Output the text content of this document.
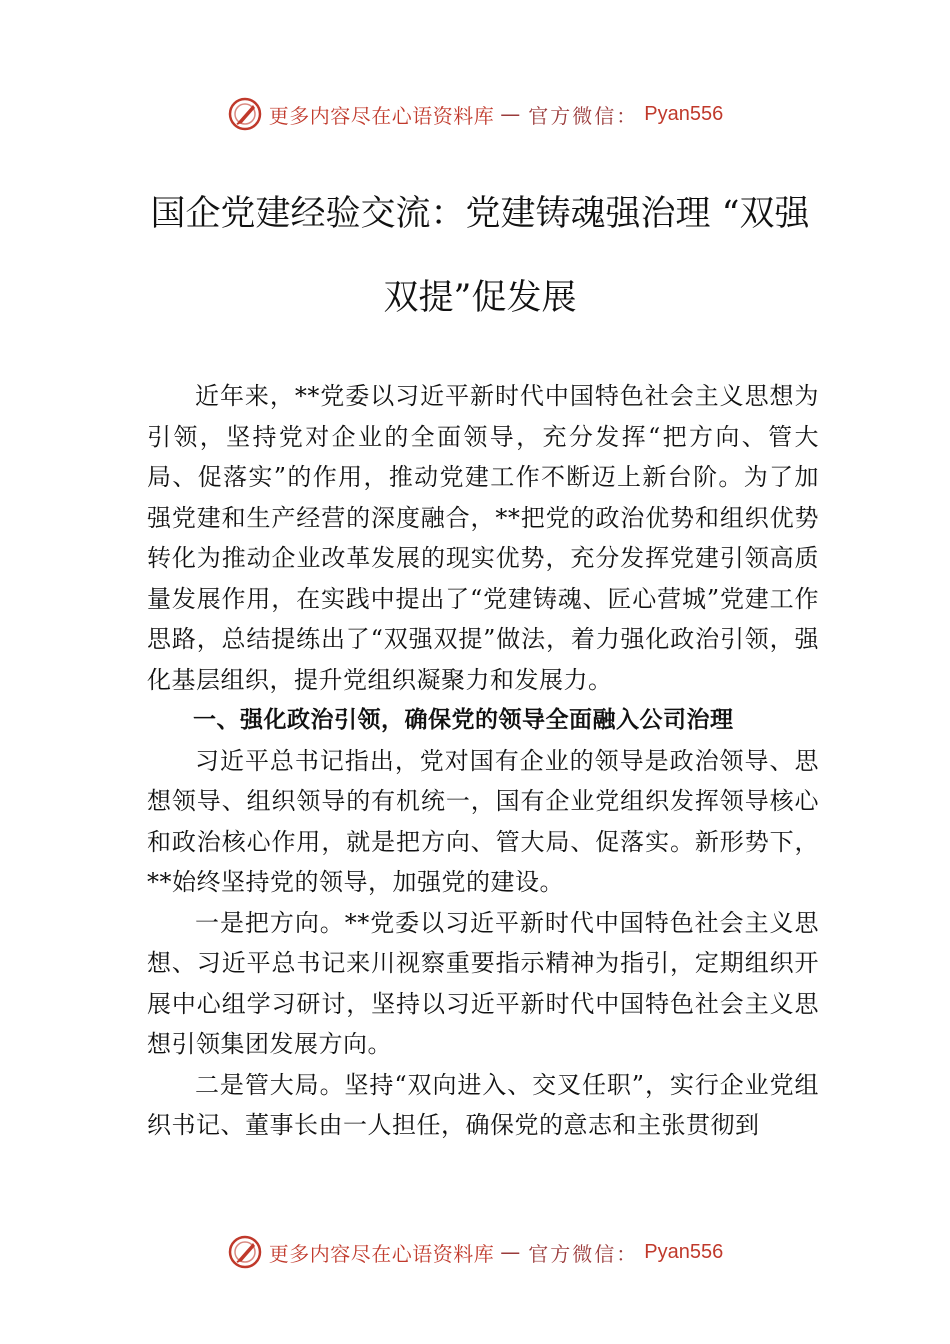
更多内容尽在心语资料库 — 官方微信： Pyan556
国企党建经验交流：党建铸魂强治理 “双强双提”促发展

近年来，**党委以习近平新时代中国特色社会主义思想为引领，坚持党对企业的全面领导，充分发挥“把方向、管大局、促落实”的作用，推动党建工作不断迈上新台阶。为了加强党建和生产经营的深度融合，**把党的政治优势和组织优势转化为推动企业改革发展的现实优势，充分发挥党建引领高质量发展作用，在实践中提出了“党建铸魂、匠心营城”党建工作思路，总结提练出了“双强双提”做法，着力强化政治引领，强化基层组织，提升党组织凝聚力和发展力。

一、强化政治引领，确保党的领导全面融入公司治理

习近平总书记指出，党对国有企业的领导是政治领导、思想领导、组织领导的有机统一，国有企业党组织发挥领导核心和政治核心作用，就是把方向、管大局、促落实。新形势下，**始终坚持党的领导，加强党的建设。

一是把方向。**党委以习近平新时代中国特色社会主义思想、习近平总书记来川视察重要指示精神为指引，定期组织开展中心组学习研讨，坚持以习近平新时代中国特色社会主义思想引领集团发展方向。

二是管大局。坚持“双向进入、交叉任职”，实行企业党组织书记、董事长由一人担任，确保党的意志和主张贯彻到

更多内容尽在心语资料库 — 官方微信： Pyan556
